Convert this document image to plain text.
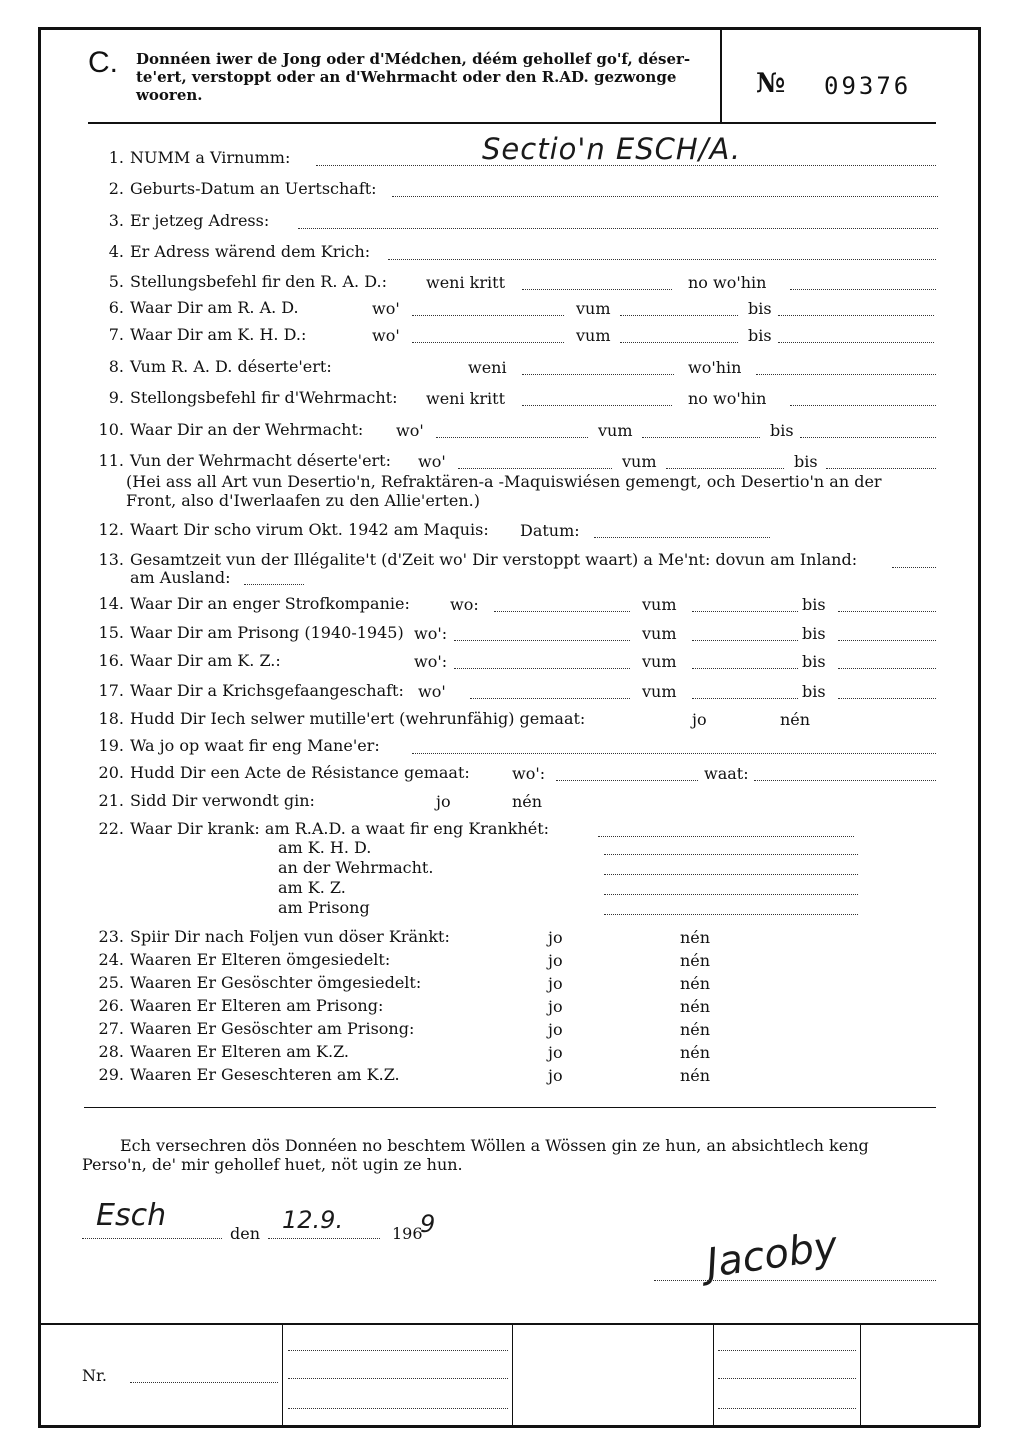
C. Donnéen iwer de Jong oder d'Médchen, déém gehollef go'f, déser-te'ert, verstoppt oder an d'Wehrmacht oder den R.AD. gezwonge wooren.	№ 09376
1. NUMM a Virnumm:
2. Geburts-Datum an Uertschaft:
3. Er jetzeg Adress:
4. Er Adress wärend dem Krich:
5. Stellungsbefehl fir den R. A. D.: weni kritt	no wo'hin
6. Waar Dir am R. A. D.	wo'	vum	bis
7. Waar Dir am K. H. D.:	wo'	vum	bis
8. Vum R. A. D. déserte'ert:	weni	wo'hin
9. Stellongsbefehl fir d'Wehrmacht: weni kritt	no wo'hin
10. Waar Dir an der Wehrmacht: wo'	vum	bis
11. Vun der Wehrmacht déserte'ert: wo'	vum	bis
12. Waart Dir scho virum Okt. 1942 am Maquis: Datum:
13. Gesamtzeit vun der Illégalite't (d'Zeit wo' Dir verstoppt waart) a Me'nt: dovun am Inland:
14. Waar Dir an enger Strofkompanie:	wo:	vum	bis
15. Waar Dir am Prisong (1940-1945) wo':	vum	bis
16. Waar Dir am K. Z.:	wo':	vum	bis
17. Waar Dir a Krichsgefaangeschaft: wo'	vum	bis
18. Hudd Dir Iech selwer mutille'ert (wehrunfähig) gemaat:	jo	nén
19. Wa jo op waat fir eng Mane'er:
20. Hudd Dir een Acte de Résistance gemaat:	wo':	waat:
21. Sidd Dir verwondt gin:	jo	nén
22. Waar Dir krank: am R.A.D. a waat fir eng Krankhét:
(Hei ass all Art vun Desertio'n, Refraktären-a -Maquiswiésen gemengt, och Desertio'n an der Front, also d'Iwerlaafen zu den Allie'erten.)
am Ausland:
am K. H. D.
an der Wehrmacht.
am K. Z.
am Prisong
23. Spiir Dir nach Foljen vun döser Kränkt:	jo	nén
24. Waaren Er Elteren ömgesiedelt:	jo	nén
25. Waaren Er Gesöschter ömgesiedelt:	jo	nén
26. Waaren Er Elteren am Prisong:	jo	nén
27. Waaren Er Gesöschter am Prisong:	jo	nén
28. Waaren Er Elteren am K.Z.	jo	nén
29. Waaren Er Geseschteren am K.Z.	jo	nén
Ech versechren dös Donnéen no beschtem Wöllen a Wössen gin ze hun, an absichtlech keng Perso'n, de' mir gehollef huet, nöt ugin ze hun.
Esch
den 12.9.	196
9	Jacoby
Nr.
Sectio'n ESCH/A.
